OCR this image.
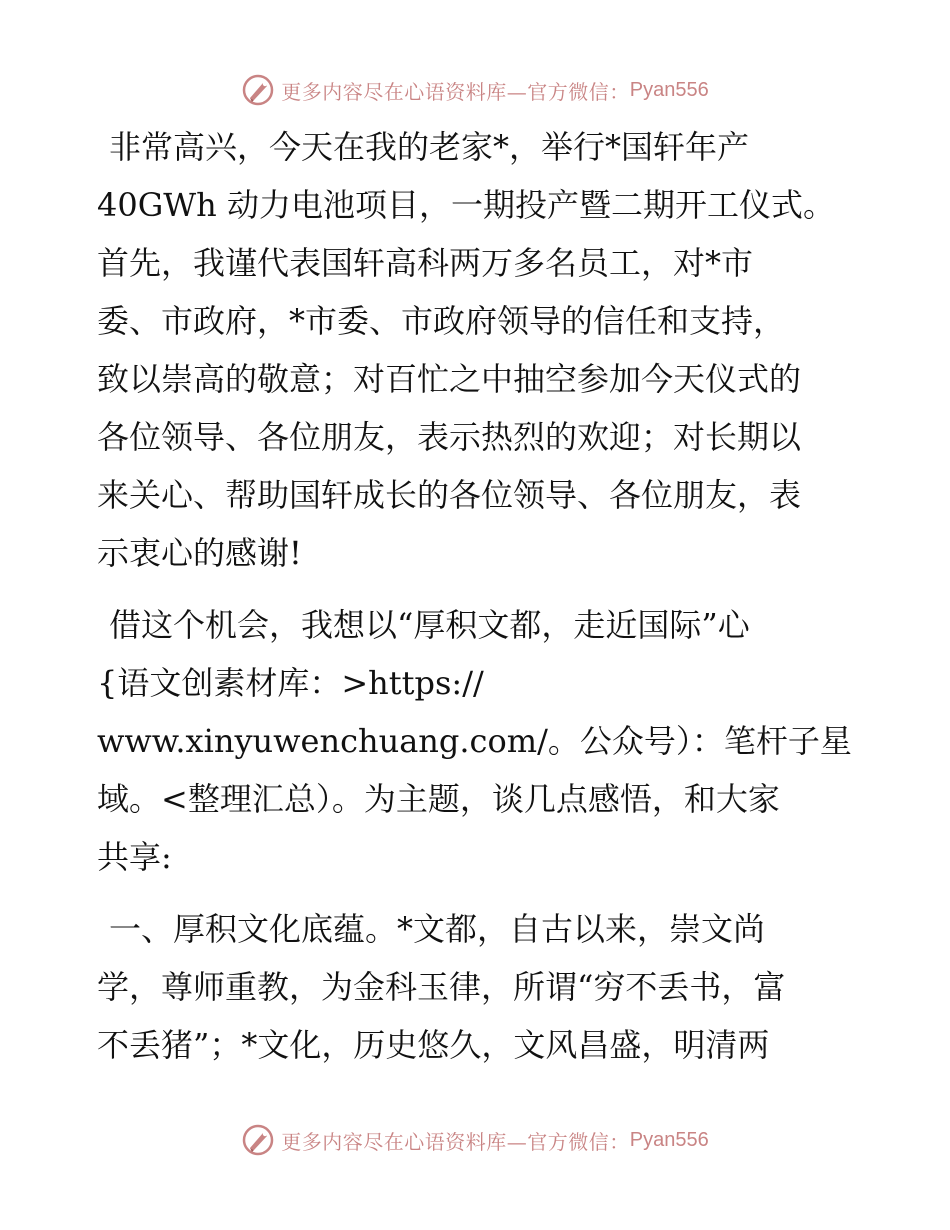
更多内容尽在心语资料库—官方微信： Pyan556
非常高兴，今天在我的老家*，举行*国轩年产
40GWh 动力电池项目，一期投产暨二期开工仪式。
首先，我谨代表国轩高科两万多名员工，对*市
委、市政府，*市委、市政府领导的信任和支持，
致以崇高的敬意；对百忙之中抽空参加今天仪式的
各位领导、各位朋友，表示热烈的欢迎；对长期以
来关心、帮助国轩成长的各位领导、各位朋友，表
示衷心的感谢!
借这个机会，我想以“厚积文都，走近国际”心
{语文创素材库：>https://
www.xinyuwenchuang.com/。公众号）：笔杆子星
域。<整理汇总）。为主题，谈几点感悟，和大家
共享:
一、厚积文化底蕴。*文都，自古以来，崇文尚
学，尊师重教，为金科玉律，所谓“穷不丢书，富
不丢猪”；*文化，历史悠久，文风昌盛，明清两
更多内容尽在心语资料库—官方微信： Pyan556
